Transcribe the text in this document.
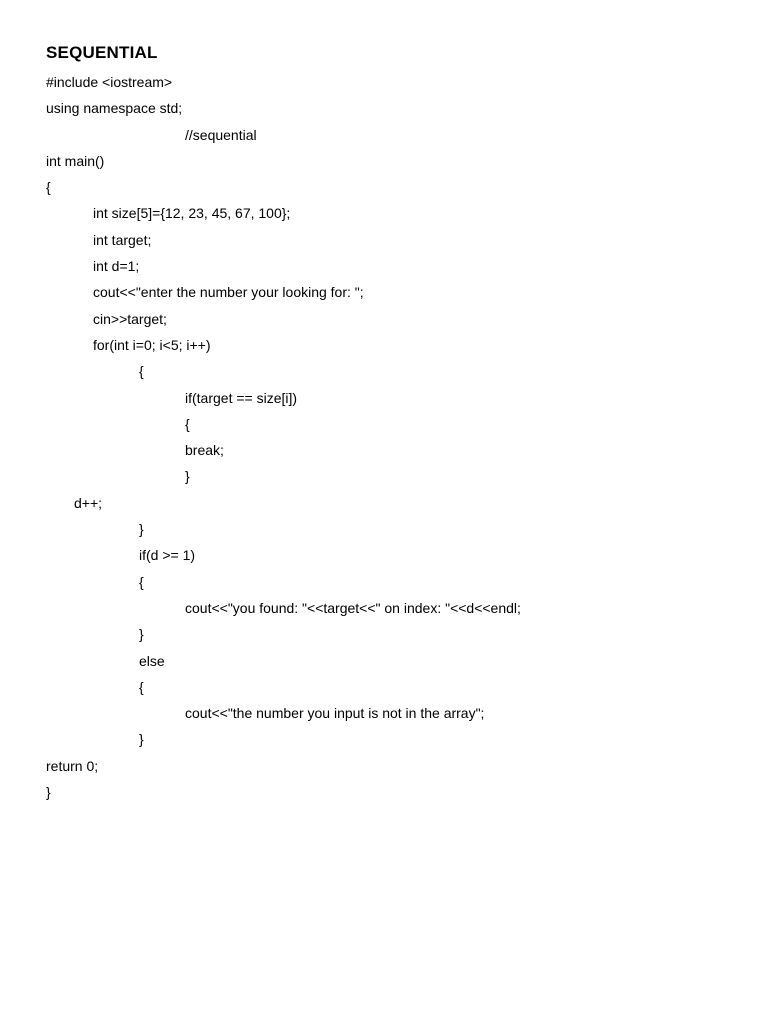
SEQUENTIAL
#include <iostream>
using namespace std;
//sequential
int main()
{
int size[5]={12, 23, 45, 67, 100};
int target;
int d=1;
cout<<"enter the number your looking for: ";
cin>>target;
for(int i=0; i<5; i++)
{
if(target == size[i])
{
break;
}
d++;
}
if(d >= 1)
{
cout<<"you found: "<<target<<" on index: "<<d<<endl;
}
else
{
cout<<"the number you input is not in the array";
}
return 0;
}
